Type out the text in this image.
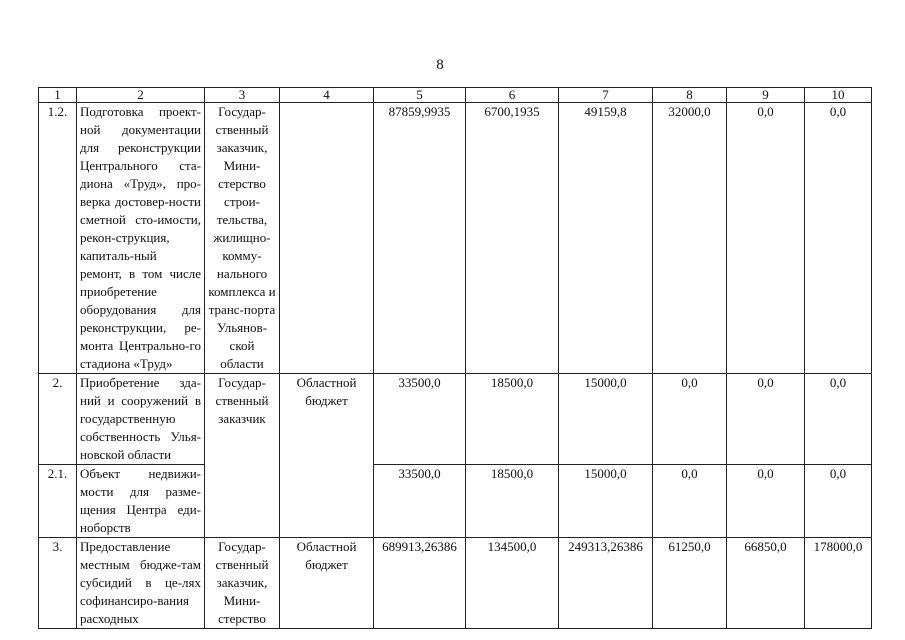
8
1	2	3	4	5	6	7	8	9	10
1.2.	Подготовка проект-ной документации для реконструкции Центрального ста-диона «Труд», про-верка достовер-ности сметной сто-имости, рекон-струкция, капиталь-ный ремонт, в том числе приобретение оборудования для реконструкции, ре-монта Центрально-го стадиона «Труд»	Государ-ственный заказчик, Мини-стерство строи-тельства, жилищно-комму-нального комплекса и транс-порта Ульянов-ской области		87859,9935	6700,1935	49159,8	32000,0	0,0	0,0
2.	Приобретение зда-ний и сооружений в государственную собственность Улья-новской области	Государ-ственный заказчик	Областной бюджет	33500,0	18500,0	15000,0	0,0	0,0	0,0
2.1.	Объект недвижи-мости для разме-щения Центра еди-ноборств			33500,0	18500,0	15000,0	0,0	0,0	0,0
3.	Предоставление местным бюдже-там субсидий в це-лях софинансиро-вания расходных	Государ-ственный заказчик, Мини-стерство	Областной бюджет	689913,26386	134500,0	249313,26386	61250,0	66850,0	178000,0
